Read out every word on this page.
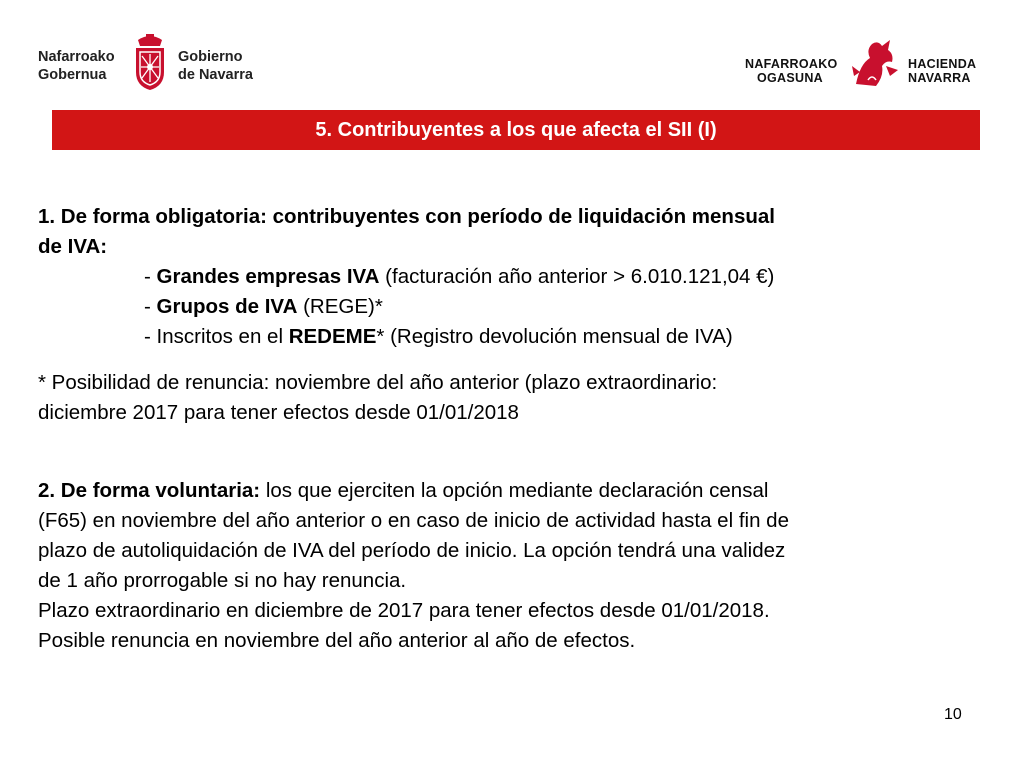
Nafarroako
Gobernua
Gobierno
de Navarra
NAFARROAKO
OGASUNA
HACIENDA
NAVARRA
5. Contribuyentes a los que afecta el SII (I)

1. De forma obligatoria: contribuyentes con período de liquidación mensual

de IVA:

- Grandes empresas IVA (facturación año anterior > 6.010.121,04 €)

- Grupos de IVA (REGE)*

- Inscritos en el REDEME* (Registro devolución mensual de IVA)

* Posibilidad de renuncia: noviembre del año anterior (plazo extraordinario:

diciembre 2017 para tener efectos desde 01/01/2018

2. De forma voluntaria: los que ejerciten la opción mediante declaración censal

(F65) en noviembre del año anterior o en caso de inicio de actividad hasta el fin de

plazo de autoliquidación de IVA del período de inicio. La opción tendrá una validez

de 1 año prorrogable si no hay renuncia.

Plazo extraordinario en diciembre de 2017 para tener efectos desde 01/01/2018.

Posible renuncia en noviembre del año anterior al año de efectos.

10
